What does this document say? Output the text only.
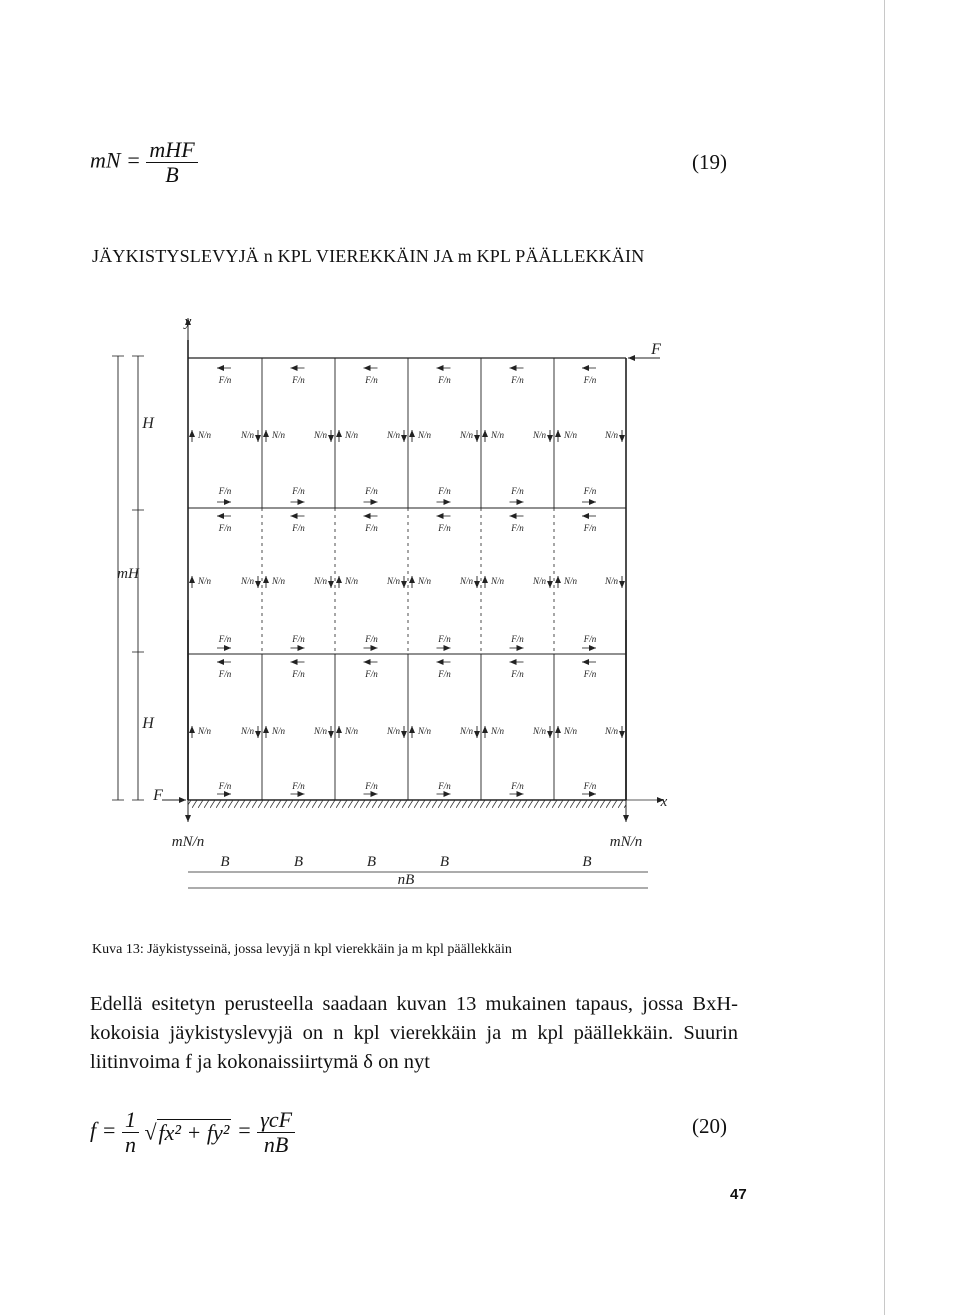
mN = $\frac{\text{mHF}}{B}$	(19)
JÄYKISTYSLEVYJÄ n KPL VIEREKKÄIN JA m KPL PÄÄLLEKKÄIN
y
x
F
F
H
mH
H
F/n	F/n	F/n	F/n	F/n	F/n
F/n	F/n	F/n	F/n	F/n	F/n
F/n	F/n	F/n	F/n	F/n	F/n
F/n	F/n	F/n	F/n	F/n	F/n
F/n	F/n	F/n	F/n	F/n	F/n
F/n	F/n	F/n	F/n	F/n	F/n
N/n	N/n N/n	N/n N/n	N/n N/n	N/n N/n	N/n N/n	N/n
N/n	N/n N/n	N/n N/n	N/n N/n	N/n N/n	N/n N/n	N/n
N/n	N/n N/n	N/n N/n	N/n N/n	N/n N/n	N/n N/n	N/n
mN/n	mN/n
B	B	B	B	B
nB
Kuva 13: Jäykistysseinä, jossa levyjä n kpl vierekkäin ja m kpl päällekkäin
Edellä esitetyn perusteella saadaan kuvan 13 mukainen tapaus, jossa BxH-kokoisia jäykistyslevyjä on n kpl vierekkäin ja m kpl päällekkäin. Suurin liitinvoima f ja kokonaissiirtymä δ on nyt
$f = \frac{1}{n} √fx^2 + fy^2 = \frac{\text{γcF}}{nB}$	(20)
47
